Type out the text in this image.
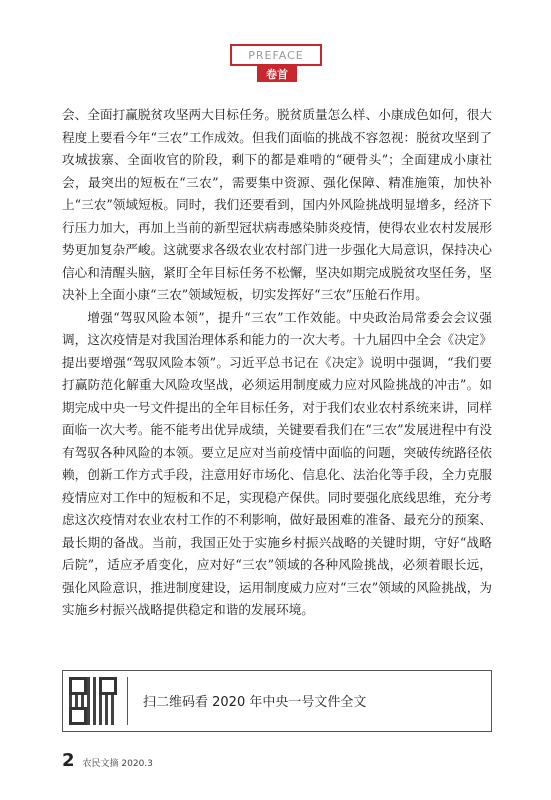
PREFACE
卷首

会、全面打赢脱贫攻坚两大目标任务。脱贫质量怎么样、小康成色如何，很大程度上要看今年“三农”工作成效。但我们面临的挑战不容忽视：脱贫攻坚到了攻城拔寨、全面收官的阶段，剩下的都是难啃的“硬骨头”；全面建成小康社会，最突出的短板在“三农”，需要集中资源、强化保障、精准施策，加快补上“三农”领域短板。同时，我们还要看到，国内外风险挑战明显增多，经济下行压力加大，再加上当前的新型冠状病毒感染肺炎疫情，使得农业农村发展形势更加复杂严峻。这就要求各级农业农村部门进一步强化大局意识，保持决心信心和清醒头脑，紧盯全年目标任务不松懈，坚决如期完成脱贫攻坚任务，坚决补上全面小康“三农”领域短板，切实发挥好“三农”压舱石作用。

增强“驾驭风险本领”，提升“三农”工作效能。中央政治局常委会会议强调，这次疫情是对我国治理体系和能力的一次大考。十九届四中全会《决定》提出要增强“驾驭风险本领”。习近平总书记在《决定》说明中强调，“我们要打赢防范化解重大风险攻坚战，必须运用制度威力应对风险挑战的冲击”。如期完成中央一号文件提出的全年目标任务，对于我们农业农村系统来讲，同样面临一次大考。能不能考出优异成绩，关键要看我们在“三农”发展进程中有没有驾驭各种风险的本领。要立足应对当前疫情中面临的问题，突破传统路径依赖，创新工作方式手段，注意用好市场化、信息化、法治化等手段，全力克服疫情应对工作中的短板和不足，实现稳产保供。同时要强化底线思维，充分考虑这次疫情对农业农村工作的不利影响，做好最困难的准备、最充分的预案、最长期的备战。当前，我国正处于实施乡村振兴战略的关键时期，守好“战略后院”，适应矛盾变化，应对好“三农”领域的各种风险挑战，必须着眼长远，强化风险意识，推进制度建设，运用制度威力应对“三农”领域的风险挑战，为实施乡村振兴战略提供稳定和谐的发展环境。

扫二维码看 2020 年中央一号文件全文
2 农民文摘 2020.3
